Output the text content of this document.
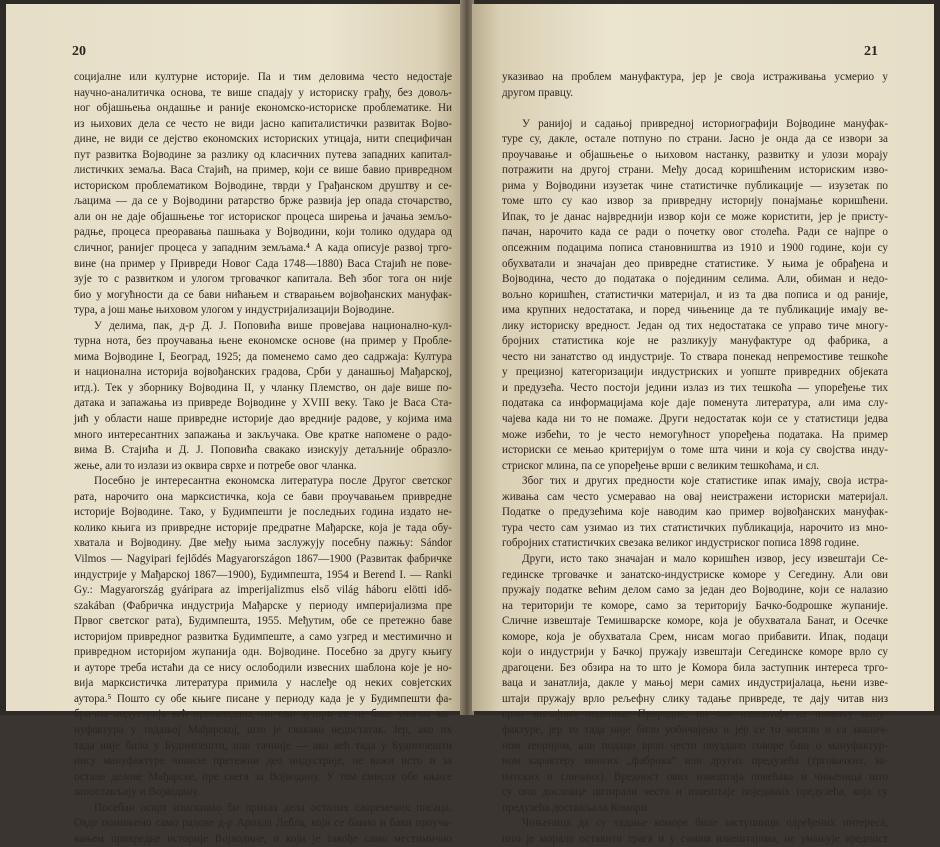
20
социјалне или културне историје. Па и тим деловима често недостаје
научно-аналитичка основа, те више спадају у историску грађу, без довољ-
ног објашњења ондашње и раније економско-историске проблематике. Ни
из њихових дела се често не види јасно капиталистички развитак Војво-
дине, не види се дејство економских историских утицаја, нити специфичан
пут развитка Војводине за разлику од класичних путева западних капитал-
листичких земаља. Васа Стајић, на пример, који се више бавио привредном
историском проблематиком Војводине, тврди у Грађанском друштву и се-
љацима — да се у Војводини ратарство брже развија јер опада сточарство,
али он не даје објашњење тог историског процеса ширења и јачања земљо-
радње, процеса преоравања пашњака у Војводини, који толико одудара од
сличног, ранијег процеса у западним земљама.⁴ А када описује развој трго-
вине (на пример у Привреди Новог Сада 1748—1880) Васа Стајић не пове-
зује то с развитком и улогом трговачког капитала. Већ због тога он није
био у могућности да се бави нићањем и стварањем војвођанских мануфак-
тура, а још мање њиховом улогом у индустријализацији Војводине.
У делима, пак, д-р Д. Ј. Поповића више провејава национално-кул-
турна нота, без проучавања њене економске основе (на пример у Пробле-
мима Војводине I, Београд, 1925; да поменемо само део садржаја: Култура
и национална историја војвођанских градова, Срби у данашњој Мађарској,
итд.). Тек у зборнику Војводина II, у чланку Племство, он даје више по-
датака и запажања из привреде Војводине у XVIII веку. Тако је Васа Ста-
јић у области наше привредне историје дао вредније радове, у којима има
много интересантних запажања и закључака. Ове кратке напомене о радо-
вима В. Стајића и Д. Ј. Поповића свакако изискују детаљније образло-
жење, али то излази из оквира сврхе и потребе овог чланка.
Посебно је интересантна економска литература после Другог светског
рата, нарочито она марксистичка, која се бави проучавањем привредне
историје Војводине. Тако, у Будимпешти је последњих година издато не-
колико књига из привредне историје предратне Мађарске, која је тада обу-
хватала и Војводину. Две међу њима заслужују посебну пажњу: Sándor
Vilmos — Nagyipari fejlődés Magyarországon 1867—1900 (Развитак фабричке
индустрије у Мађарској 1867—1900), Будимпешта, 1954 и Berend I. — Ranki
Gy.: Magyarország gyáripara az imperijalizmus első világ háboru elötti idő-
szakában (Фабричка индустрија Мађарске у периоду империјализма пре
Првог светског рата), Будимпешта, 1955. Међутим, обе се претежно баве
историјом привредног развитка Будимпеште, а само узгред и местимично и
привредном историјом жупанија одн. Војводине. Посебно за другу књигу
и ауторе треба истаћи да се нису ослободили извесних шаблона које је но-
вија марксистичка литература примила у наслеђе од неких совјетских
аутора.⁵ Пошто су обе књиге писане у периоду када је у Будимпешти фа-
брична индустрија већ преовладала, ни ови аутори се не баве улогом ма-
нуфактура у тадањој Мађарској, што је свакако недостатак. Јер, ако их
тада није било у Будимпешти, или тачније — ако већ тада у Будимпешти
нису мануфактуре чиниле претежни део индустрије, не важи исто и за
остале делове Мађарске, пре свега за Војводину. У том смислу обе књиге
запостављају и Војводину.
Посебан осврт изискивао би приказ дела осталих савремених писаца.
Овде помињемо само радове д-р Арпада Лебла, који се бавио и бави проуча-
вањем привредне историје Војводине, и који је такође само местимично
21
указивао на проблем мануфактура, јер је своја истраживања усмерио у
другом правцу.
У ранијој и садањој привредној историографији Војводине мануфак-
туре су, дакле, остале потпуно по страни. Јасно је онда да се извори за
проучавање и објашњење о њиховом настанку, развитку и улози морају
потражити на другој страни. Међу досад коришћеним историским изво-
рима у Војводини изузетак чине статистичке публикације — изузетак по
томе што су као извор за привредну историју понајмање коришћени.
Ипак, то је данас најврeднији извор који се може користити, јер је присту-
пачан, нарочито када се ради о почетку овог столећа. Ради се најпре о
опсежним подацима пописа становништва из 1910 и 1900 године, који су
обухватали и значајан део привредне статистике. У њима је обрађена и
Војводина, често до података о појединим селима. Али, обиман и недо-
вољно коришћен, статистички материјал, и из та два пописа и од раније,
има крупних недостатака, и поред чињенице да те публикације имају ве-
лику историску вредност. Један од тих недостатака се управо тиче многу-
брoјних статистика које не разликују мануфактуре од фабрика, а
често ни занатство од индустрије. То ствара понекад непремостиве тешкоће
у прецизној категоризацији индустриских и уопште привредних објеката
и предузећа. Често постоји једини излаз из тих тешкоћа — упоређење тих
података са информацијама које даје поменута литература, али има слу-
чајева када ни то не помаже. Други недостатак који се у статистици једва
може избећи, то је често немогућност упоређења података. На пример
историски се мењао критеријум о томе шта чини и која су својства инду-
стриског млина, па се упоређење врши с великим тешкоћама, и сл.
Због тих и других предности које статистике ипак имају, своја истра-
живања сам често усмеравао на овај неистражени историски материјал.
Податке о предузећима које наводим као пример војвођанских мануфак-
тура често сам узимао из тих статистичких публикација, нарочито из мно-
гобројних статистичких свезака великог индустриског пописа 1898 године.
Други, исто тако значајан и мало коришћен извор, јесу извештаји Се-
гединске трговачке и занатско-индустриске коморе у Сегедину. Али ови
пружају податке већим делом само за један део Војводине, који се налазио
на територији те коморе, само за територију Бачко-бодрошке жупаније.
Сличне извештаје Темишварске коморе, која је обухватала Банат, и Осечке
коморе, која је обухватала Срем, нисам могао прибавити. Ипак, подаци
који о индустрији у Бачкој пружају извештаји Сегединске коморе врло су
драгоцени. Без обзира на то што је Комора била заступник интереса трго-
ваца и занатлија, дакле у мањој мери самих индустријалаца, њени изве-
штаји пружају врло рељефну слику тадање привреде, те дају читав низ
врло значајних података. Природно, ни ови извештаји не помињу ману-
фактуре, јер то тада није било уобичајено и јер се то косило и са званич-
ном теоријом, али подаци врло често поуздано говоре баш о мануфактур-
ном карактеру многих „фабрика” или других предузећа (трговачких, за-
натских и сличних). Вредност ових извештаја повећава и чињеница што
су они дословце цитирали често и извештаје појединих предузећа, која су
предузећа достављала Комори.
Чињеница да су тадање коморе биле заступници одређених интереса,
што је морало оставити трага и у самим извештајима, не умањује вредност
